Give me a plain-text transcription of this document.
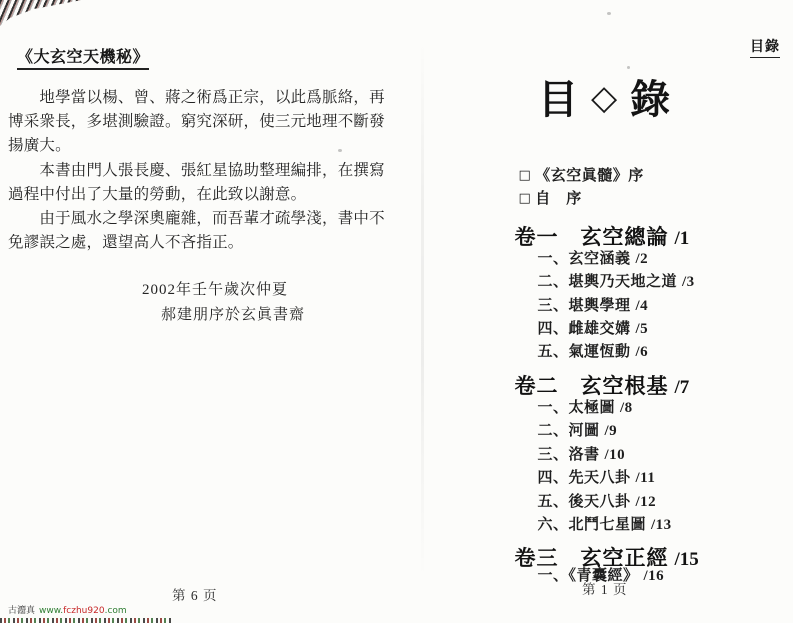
《大玄空天機秘》
　　地學當以楊、曾、蔣之術爲正宗，以此爲脈絡，再
博采衆長，多堪測驗證。窮究深研，使三元地理不斷發
揚廣大。
　　本書由門人張長慶、張紅星協助整理編排，在撰寫
過程中付出了大量的勞動，在此致以謝意。
　　由于風水之學深奧龐雜，而吾輩才疏學淺，書中不
免謬誤之處，還望高人不吝指正。
2002年壬午歲次仲夏
郝建朋序於玄眞書齋
第 6 页
目錄
目 ◇ 錄

□ 《玄空眞髓》序

□ 自　序

卷一　玄空總論 /1

一、玄空涵義 /2

二、堪輿乃天地之道 /3

三、堪輿學理 /4

四、雌雄交媾 /5

五、氣運恆動 /6

卷二　玄空根基 /7

一、太極圖 /8

二、河圖 /9

三、洛書 /10

四、先天八卦 /11

五、後天八卦 /12

六、北鬥七星圖 /13

卷三　玄空正經 /15

一、《青囊經》 /16

第 1 页
古灋真 www.fczhu920.com
